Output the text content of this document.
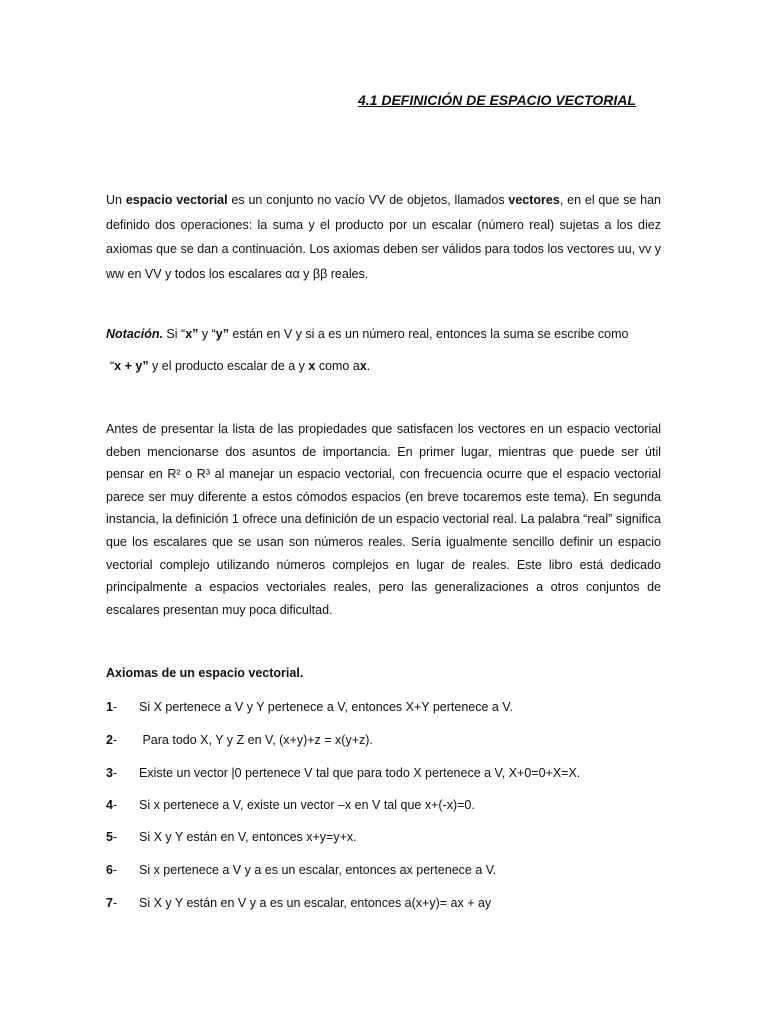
4.1 DEFINICIÓN DE ESPACIO VECTORIAL

Un espacio vectorial es un conjunto no vacío VV de objetos, llamados vectores, en el que se han definido dos operaciones: la suma y el producto por un escalar (número real) sujetas a los diez axiomas que se dan a continuación. Los axiomas deben ser válidos para todos los vectores uu, vv y ww en VV y todos los escalares αα y ββ reales.

Notación. Si “x” y “y” están en V y si a es un número real, entonces la suma se escribe como
“x + y” y el producto escalar de a y x como ax.

Antes de presentar la lista de las propiedades que satisfacen los vectores en un espacio vectorial deben mencionarse dos asuntos de importancia. En primer lugar, mientras que puede ser útil pensar en R² o R³ al manejar un espacio vectorial, con frecuencia ocurre que el espacio vectorial parece ser muy diferente a estos cómodos espacios (en breve tocaremos este tema). En segunda instancia, la definición 1 ofrece una definición de un espacio vectorial real. La palabra “real” significa que los escalares que se usan son números reales. Sería igualmente sencillo definir un espacio vectorial complejo utilizando números complejos en lugar de reales. Este libro está dedicado principalmente a espacios vectoriales reales, pero las generalizaciones a otros conjuntos de escalares presentan muy poca dificultad.

Axiomas de un espacio vectorial.
1- Si X pertenece a V y Y pertenece a V, entonces X+Y pertenece a V.
2- Para todo X, Y y Z en V, (x+y)+z = x(y+z).
3- Existe un vector |0 pertenece V tal que para todo X pertenece a V, X+0=0+X=X.
4- Si x pertenece a V, existe un vector –x en V tal que x+(-x)=0.
5- Si X y Y están en V, entonces x+y=y+x.
6- Si x pertenece a V y a es un escalar, entonces ax pertenece a V.
7- Si X y Y están en V y a es un escalar, entonces a(x+y)= ax + ay
